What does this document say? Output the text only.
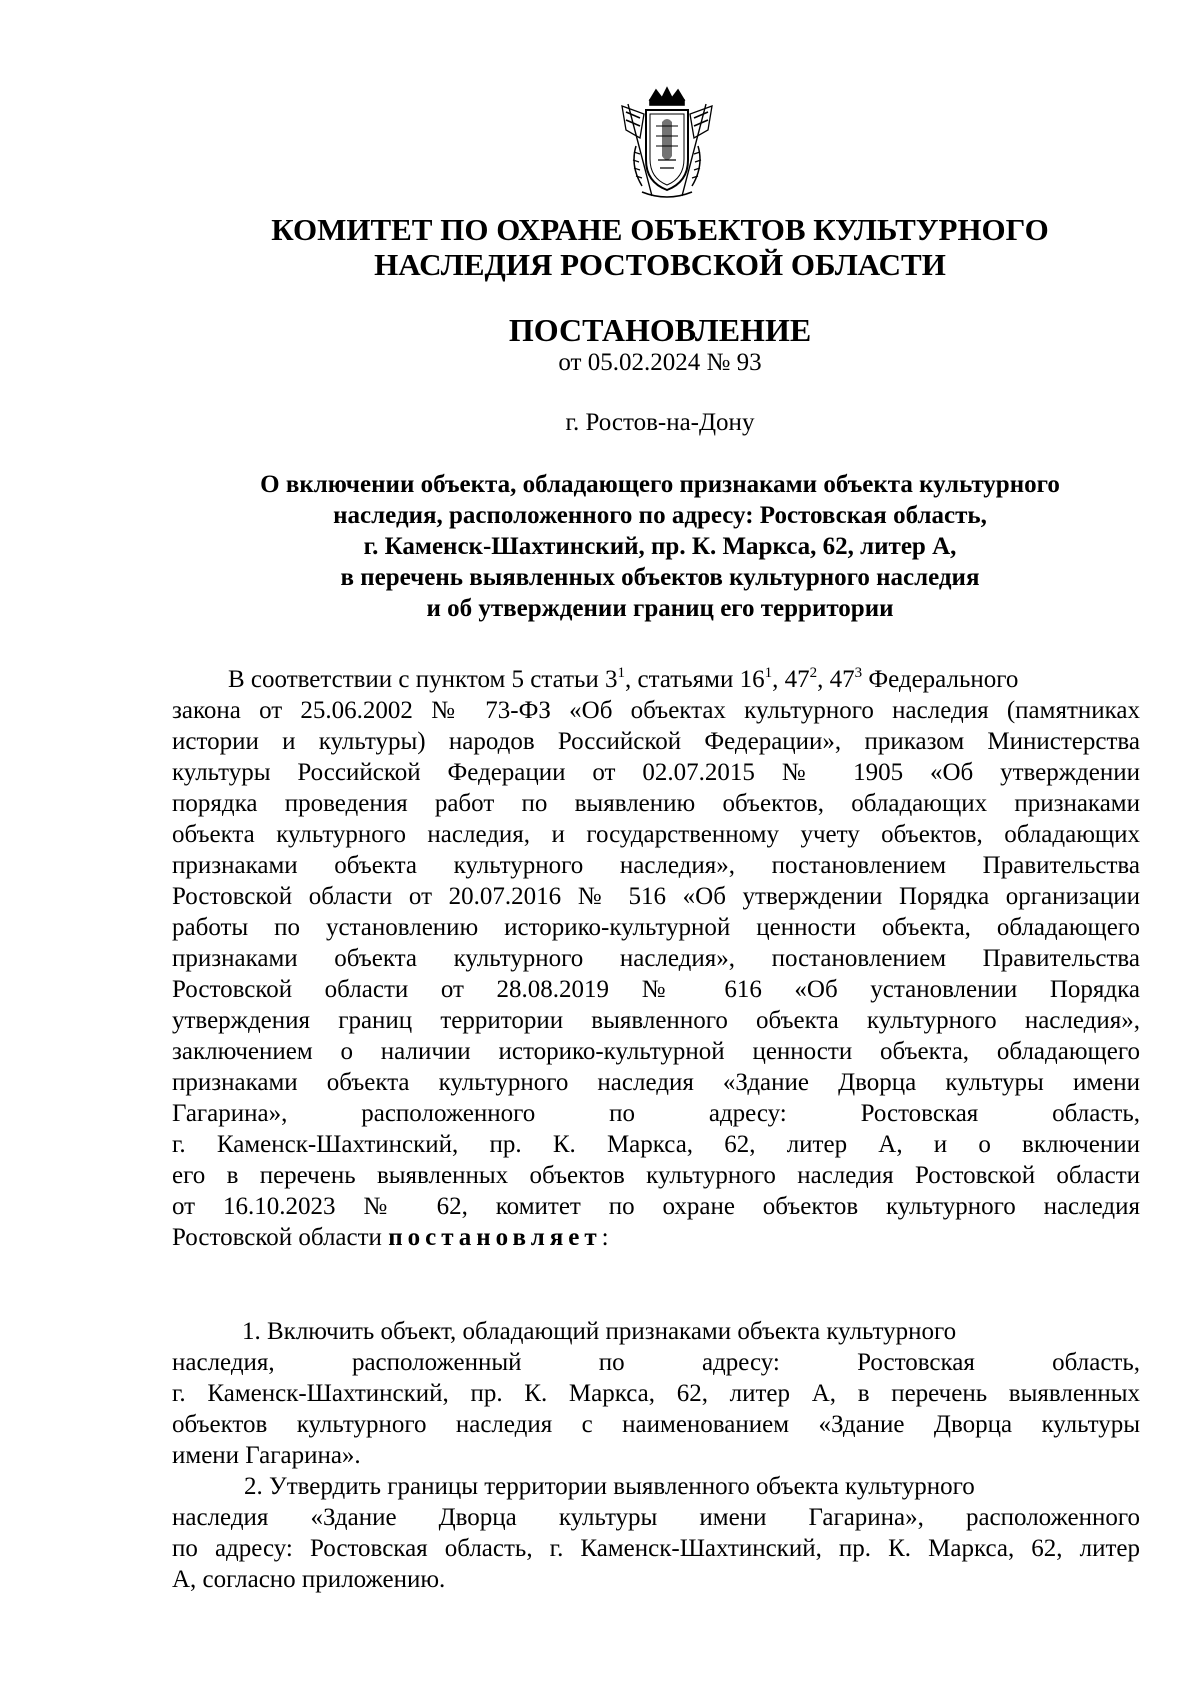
КОМИТЕТ ПО ОХРАНЕ ОБЪЕКТОВ КУЛЬТУРНОГО
НАСЛЕДИЯ РОСТОВСКОЙ ОБЛАСТИ
ПОСТАНОВЛЕНИЕ
от 05.02.2024 № 93
г. Ростов-на-Дону
О включении объекта, обладающего признаками объекта культурного
наследия, расположенного по адресу: Ростовская область,
г. Каменск-Шахтинский, пр. К. Маркса, 62, литер А,
в перечень выявленных объектов культурного наследия
и об утверждении границ его территории
В соответствии с пунктом 5 статьи $3^1$, статьями $16^1$, $47^2$, $47^3$ Федерального
закона от 25.06.2002 № 73-ФЗ «Об объектах культурного наследия (памятниках
истории и культуры) народов Российской Федерации», приказом Министерства
культуры Российской Федерации от 02.07.2015 № 1905 «Об утверждении
порядка проведения работ по выявлению объектов, обладающих признаками
объекта культурного наследия, и государственному учету объектов, обладающих
признаками объекта культурного наследия», постановлением Правительства
Ростовской области от 20.07.2016 № 516 «Об утверждении Порядка организации
работы по установлению историко-культурной ценности объекта, обладающего
признаками объекта культурного наследия», постановлением Правительства
Ростовской области от 28.08.2019 № 616 «Об установлении Порядка
утверждения границ территории выявленного объекта культурного наследия»,
заключением о наличии историко-культурной ценности объекта, обладающего
признаками объекта культурного наследия «Здание Дворца культуры имени
Гагарина», расположенного по адресу: Ростовская область,
г. Каменск-Шахтинский, пр. К. Маркса, 62, литер А, и о включении
его в перечень выявленных объектов культурного наследия Ростовской области
от 16.10.2023 № 62, комитет по охране объектов культурного наследия
Ростовской области постановляет:
1. Включить объект, обладающий признаками объекта культурного
наследия, расположенный по адресу: Ростовская область,
г. Каменск-Шахтинский, пр. К. Маркса, 62, литер А, в перечень выявленных
объектов культурного наследия с наименованием «Здание Дворца культуры
имени Гагарина».
2. Утвердить границы территории выявленного объекта культурного
наследия «Здание Дворца культуры имени Гагарина», расположенного
по адресу: Ростовская область, г. Каменск-Шахтинский, пр. К. Маркса, 62, литер
А, согласно приложению.
